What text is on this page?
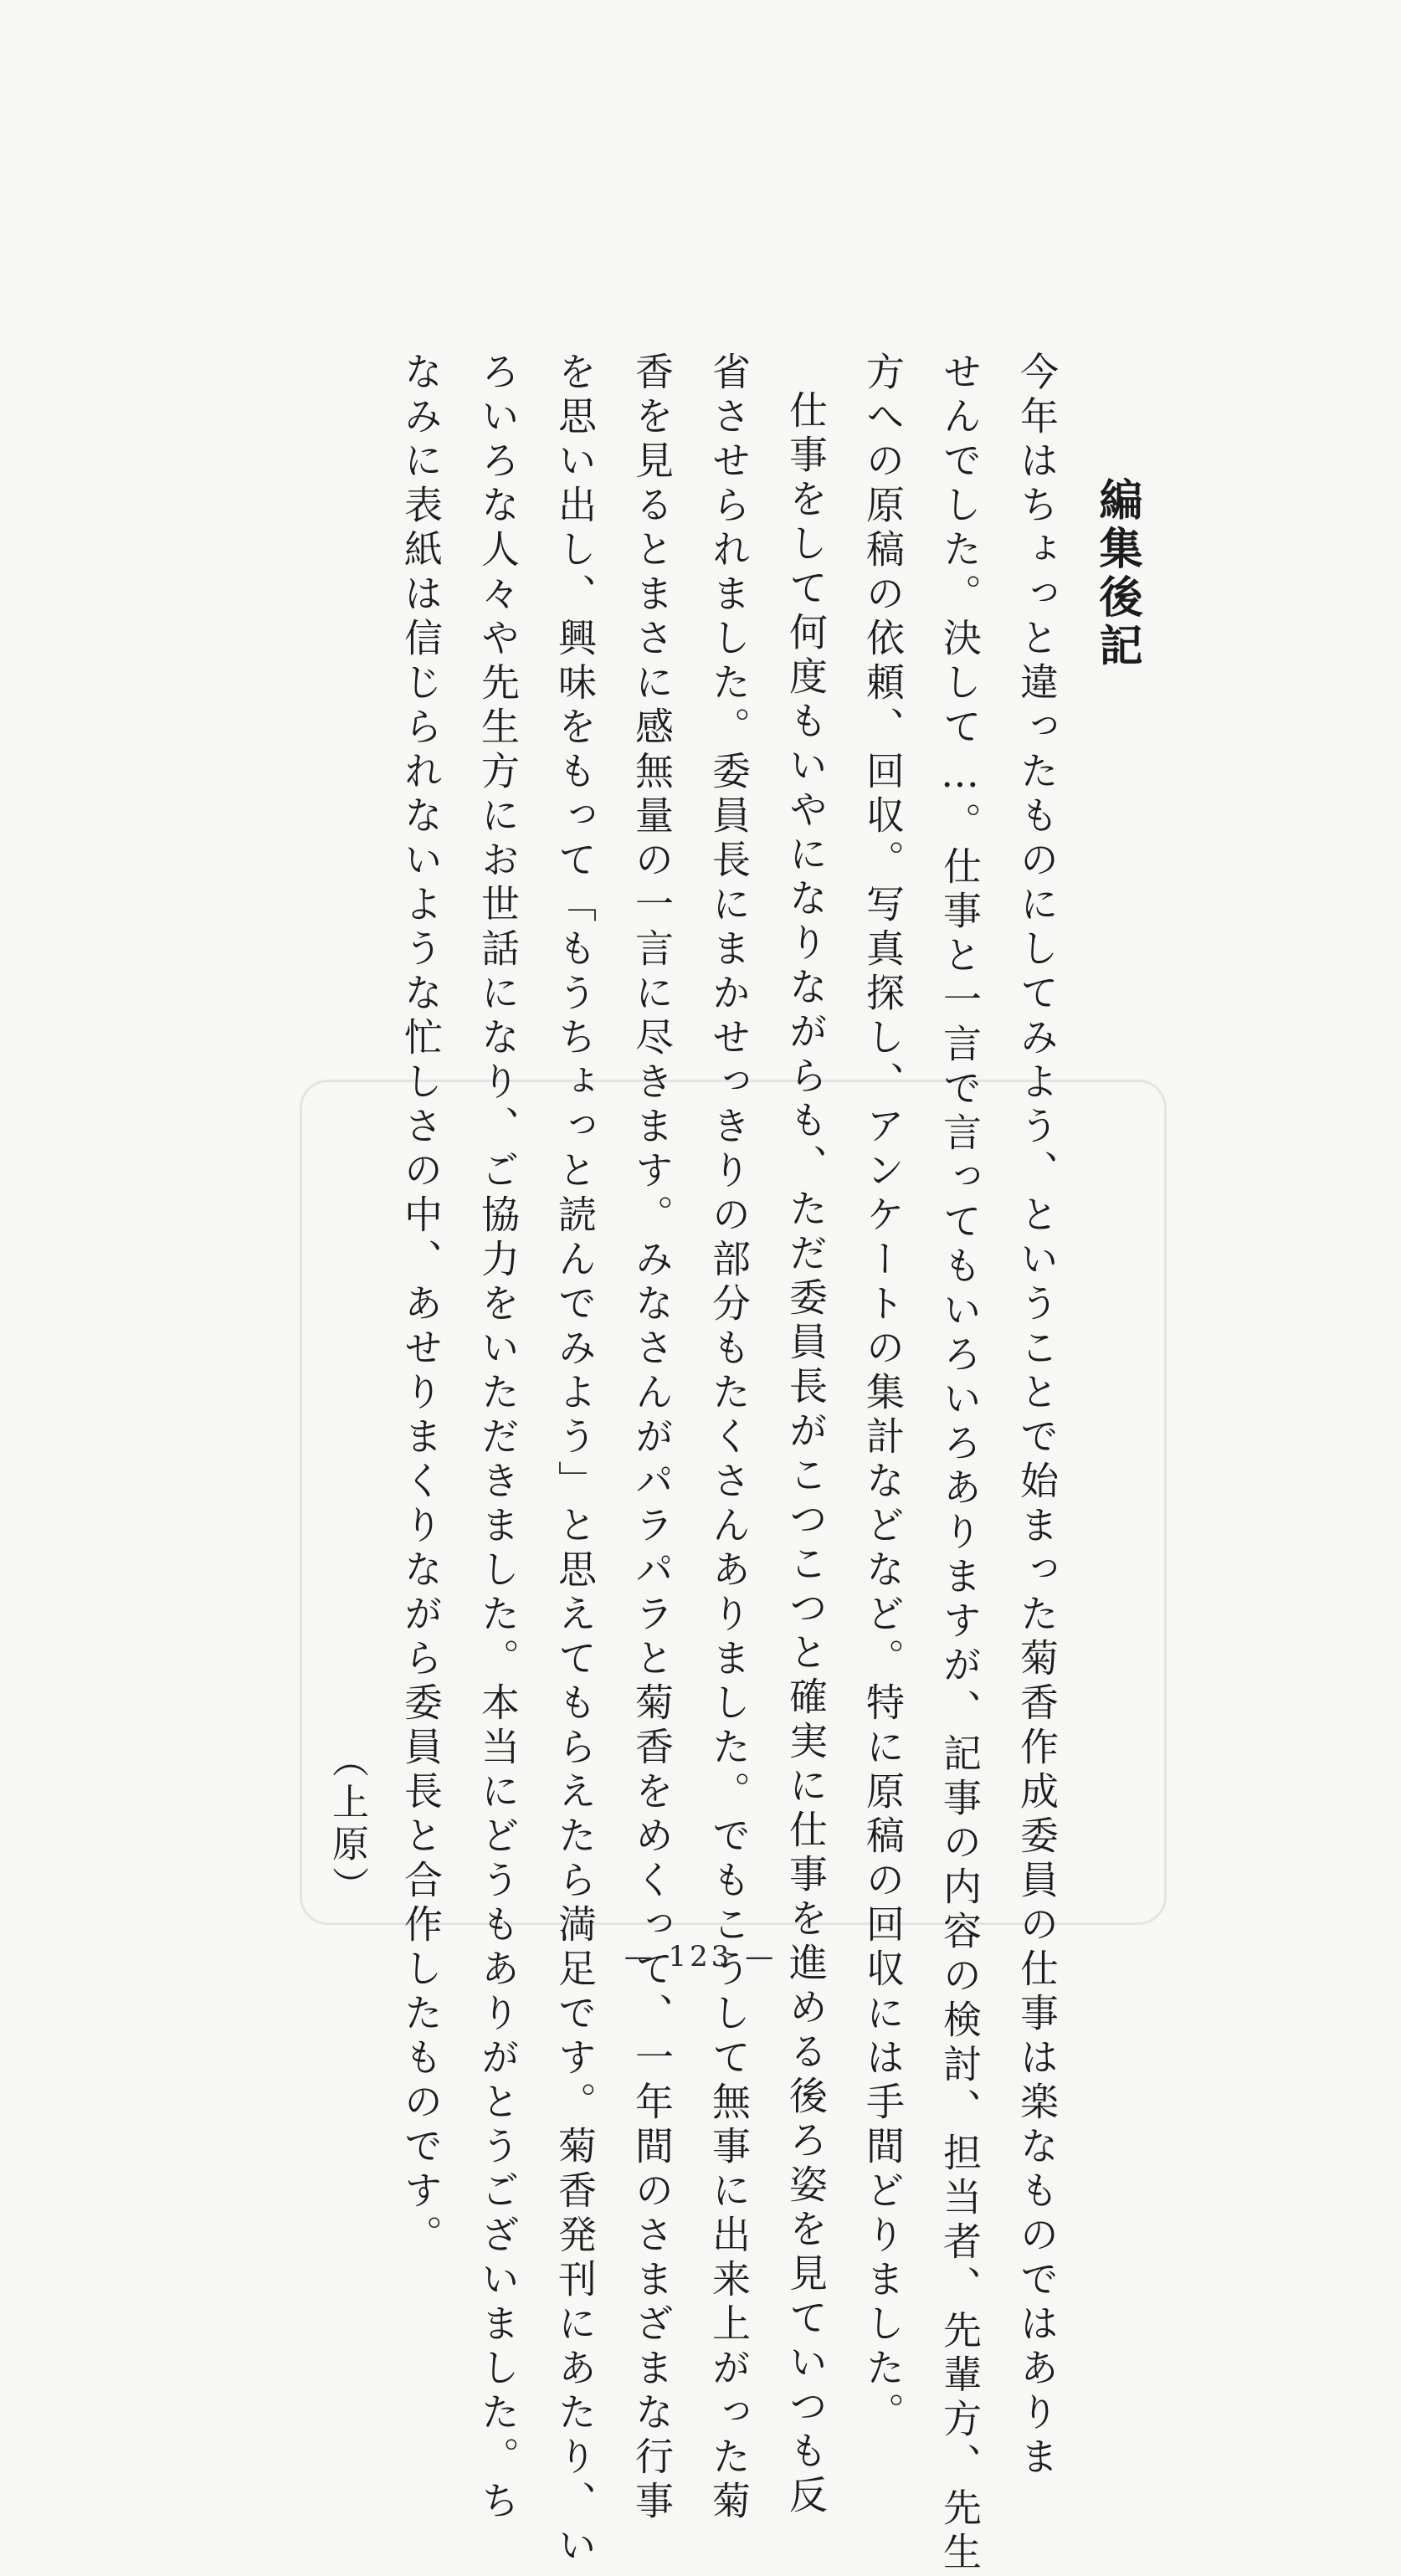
編集後記

今年はちょっと違ったものにしてみよう、ということで始まった菊香作成委員の仕事は楽なものではありま

せんでした。決して…。仕事と一言で言ってもいろいろありますが、記事の内容の検討、担当者、先輩方、先生

方への原稿の依頼、回収。写真探し、アンケートの集計などなど。特に原稿の回収には手間どりました。

仕事をして何度もいやになりながらも、ただ委員長がこつこつと確実に仕事を進める後ろ姿を見ていつも反

省させられました。委員長にまかせっきりの部分もたくさんありました。でもこうして無事に出来上がった菊

香を見るとまさに感無量の一言に尽きます。みなさんがパラパラと菊香をめくって、一年間のさまざまな行事

を思い出し、興味をもって「もうちょっと読んでみよう」と思えてもらえたら満足です。菊香発刊にあたり、い

ろいろな人々や先生方にお世話になり、ご協力をいただきました。本当にどうもありがとうございました。ち

なみに表紙は信じられないような忙しさの中、あせりまくりながら委員長と合作したものです。

（上原）

— 123 —
